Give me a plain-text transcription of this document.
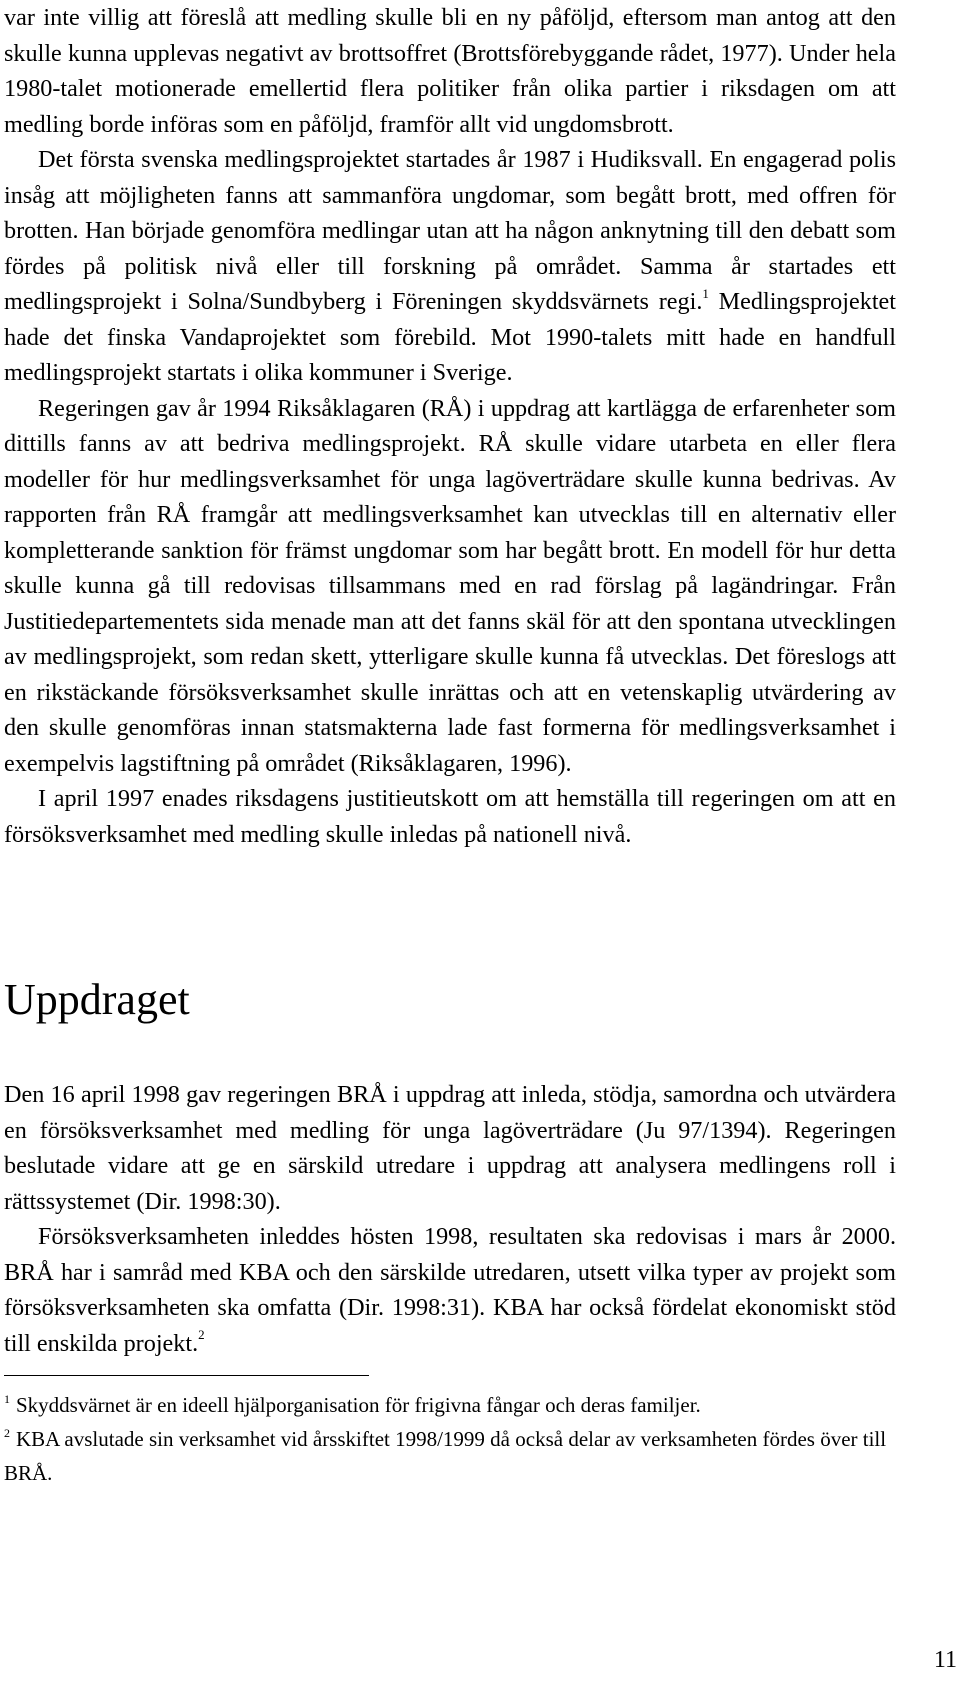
var inte villig att föreslå att medling skulle bli en ny påföljd, eftersom man antog att den skulle kunna upplevas negativt av brottsoffret (Brottsförebyggande rådet, 1977). Under hela 1980-talet motionerade emellertid flera politiker från olika partier i riksdagen om att medling borde införas som en påföljd, framför allt vid ungdomsbrott.

Det första svenska medlingsprojektet startades år 1987 i Hudiksvall. En engagerad polis insåg att möjligheten fanns att sammanföra ungdomar, som begått brott, med offren för brotten. Han började genomföra medlingar utan att ha någon anknytning till den debatt som fördes på politisk nivå eller till forskning på området. Samma år startades ett medlingsprojekt i Solna/Sundbyberg i Föreningen skyddsvärnets regi.$^1$ Medlingsprojektet hade det finska Vandaprojektet som förebild. Mot 1990-talets mitt hade en handfull medlingsprojekt startats i olika kommuner i Sverige.

Regeringen gav år 1994 Riksåklagaren (RÅ) i uppdrag att kartlägga de erfarenheter som dittills fanns av att bedriva medlingsprojekt. RÅ skulle vidare utarbeta en eller flera modeller för hur medlingsverksamhet för unga lagöverträdare skulle kunna bedrivas. Av rapporten från RÅ framgår att medlingsverksamhet kan utvecklas till en alternativ eller kompletterande sanktion för främst ungdomar som har begått brott. En modell för hur detta skulle kunna gå till redovisas tillsammans med en rad förslag på lagändringar. Från Justitiedepartementets sida menade man att det fanns skäl för att den spontana utvecklingen av medlingsprojekt, som redan skett, ytterligare skulle kunna få utvecklas. Det föreslogs att en rikstäckande försöksverksamhet skulle inrättas och att en vetenskaplig utvärdering av den skulle genomföras innan statsmakterna lade fast formerna för medlingsverksamhet i exempelvis lagstiftning på området (Riksåklagaren, 1996).

I april 1997 enades riksdagens justitieutskott om att hemställa till regeringen om att en försöksverksamhet med medling skulle inledas på nationell nivå.

Uppdraget

Den 16 april 1998 gav regeringen BRÅ i uppdrag att inleda, stödja, samordna och utvärdera en försöksverksamhet med medling för unga lagöverträdare (Ju 97/1394). Regeringen beslutade vidare att ge en särskild utredare i uppdrag att analysera medlingens roll i rättssystemet (Dir. 1998:30).

Försöksverksamheten inleddes hösten 1998, resultaten ska redovisas i mars år 2000. BRÅ har i samråd med KBA och den särskilde utredaren, utsett vilka typer av projekt som försöksverksamheten ska omfatta (Dir. 1998:31). KBA har också fördelat ekonomiskt stöd till enskilda projekt.$^2$

$^1$ Skyddsvärnet är en ideell hjälporganisation för frigivna fångar och deras familjer.

$^2$ KBA avslutade sin verksamhet vid årsskiftet 1998/1999 då också delar av verksamheten fördes över till BRÅ.

11
